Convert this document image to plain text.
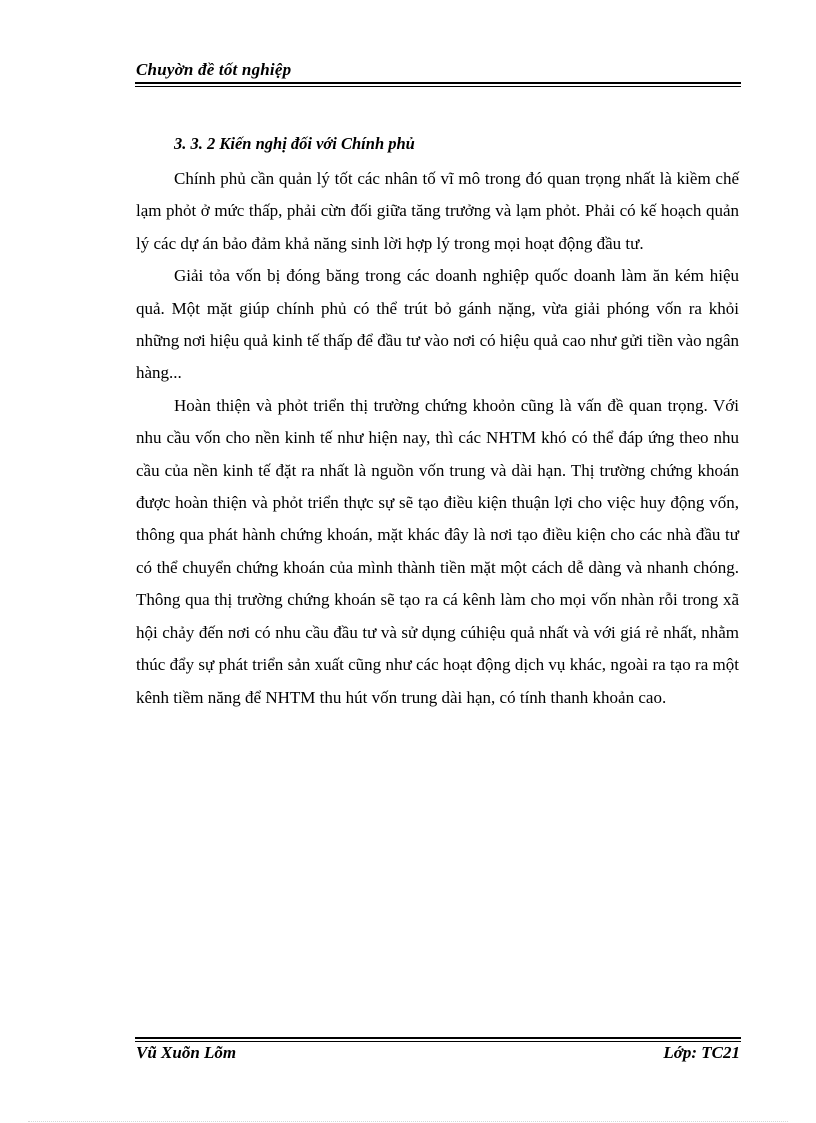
Chuyờn đề tốt nghiệp
3. 3. 2 Kiến nghị đối với Chính phủ

Chính phủ cần quản lý tốt các nhân tố vĩ mô trong đó quan trọng nhất là kiềm chế lạm phỏt ở mức thấp, phải cừn đối giữa tăng trưởng và lạm phỏt. Phải có kế hoạch quản lý các dự án bảo đảm khả năng sinh lời hợp lý trong mọi hoạt động đầu tư.

Giải tỏa vốn bị đóng băng trong các doanh nghiệp quốc doanh làm ăn kém hiệu quả. Một mặt giúp chính phủ có thể trút bỏ gánh nặng, vừa giải phóng vốn ra khỏi những nơi hiệu quả kinh tế thấp để đầu tư vào nơi có hiệu quả cao như gửi tiền vào ngân hàng...

Hoàn thiện và phỏt triển thị trường chứng khoỏn cũng là vấn đề quan trọng. Với nhu cầu vốn cho nền kinh tế như hiện nay, thì các NHTM khó có thể đáp ứng theo nhu cầu của nền kinh tế đặt ra nhất là nguồn vốn trung và dài hạn. Thị trường chứng khoán được hoàn thiện và phỏt triển thực sự sẽ tạo điều kiện thuận lợi cho việc huy động vốn, thông qua phát hành chứng khoán, mặt khác đây là nơi tạo điều kiện cho các nhà đầu tư có thể chuyển chứng khoán của mình thành tiền mặt một cách dễ dàng và nhanh chóng. Thông qua thị trường chứng khoán sẽ tạo ra cá kênh làm cho mọi vốn nhàn rỗi trong xã hội chảy đến nơi có nhu cầu đầu tư và sử dụng cúhiệu quả nhất và với giá rẻ nhất, nhằm thúc đẩy sự phát triển sản xuất cũng như các hoạt động dịch vụ khác, ngoài ra tạo ra một kênh tiềm năng để NHTM thu hút vốn trung dài hạn, có tính thanh khoản cao.

Vũ Xuõn Lõm	Lớp: TC21
